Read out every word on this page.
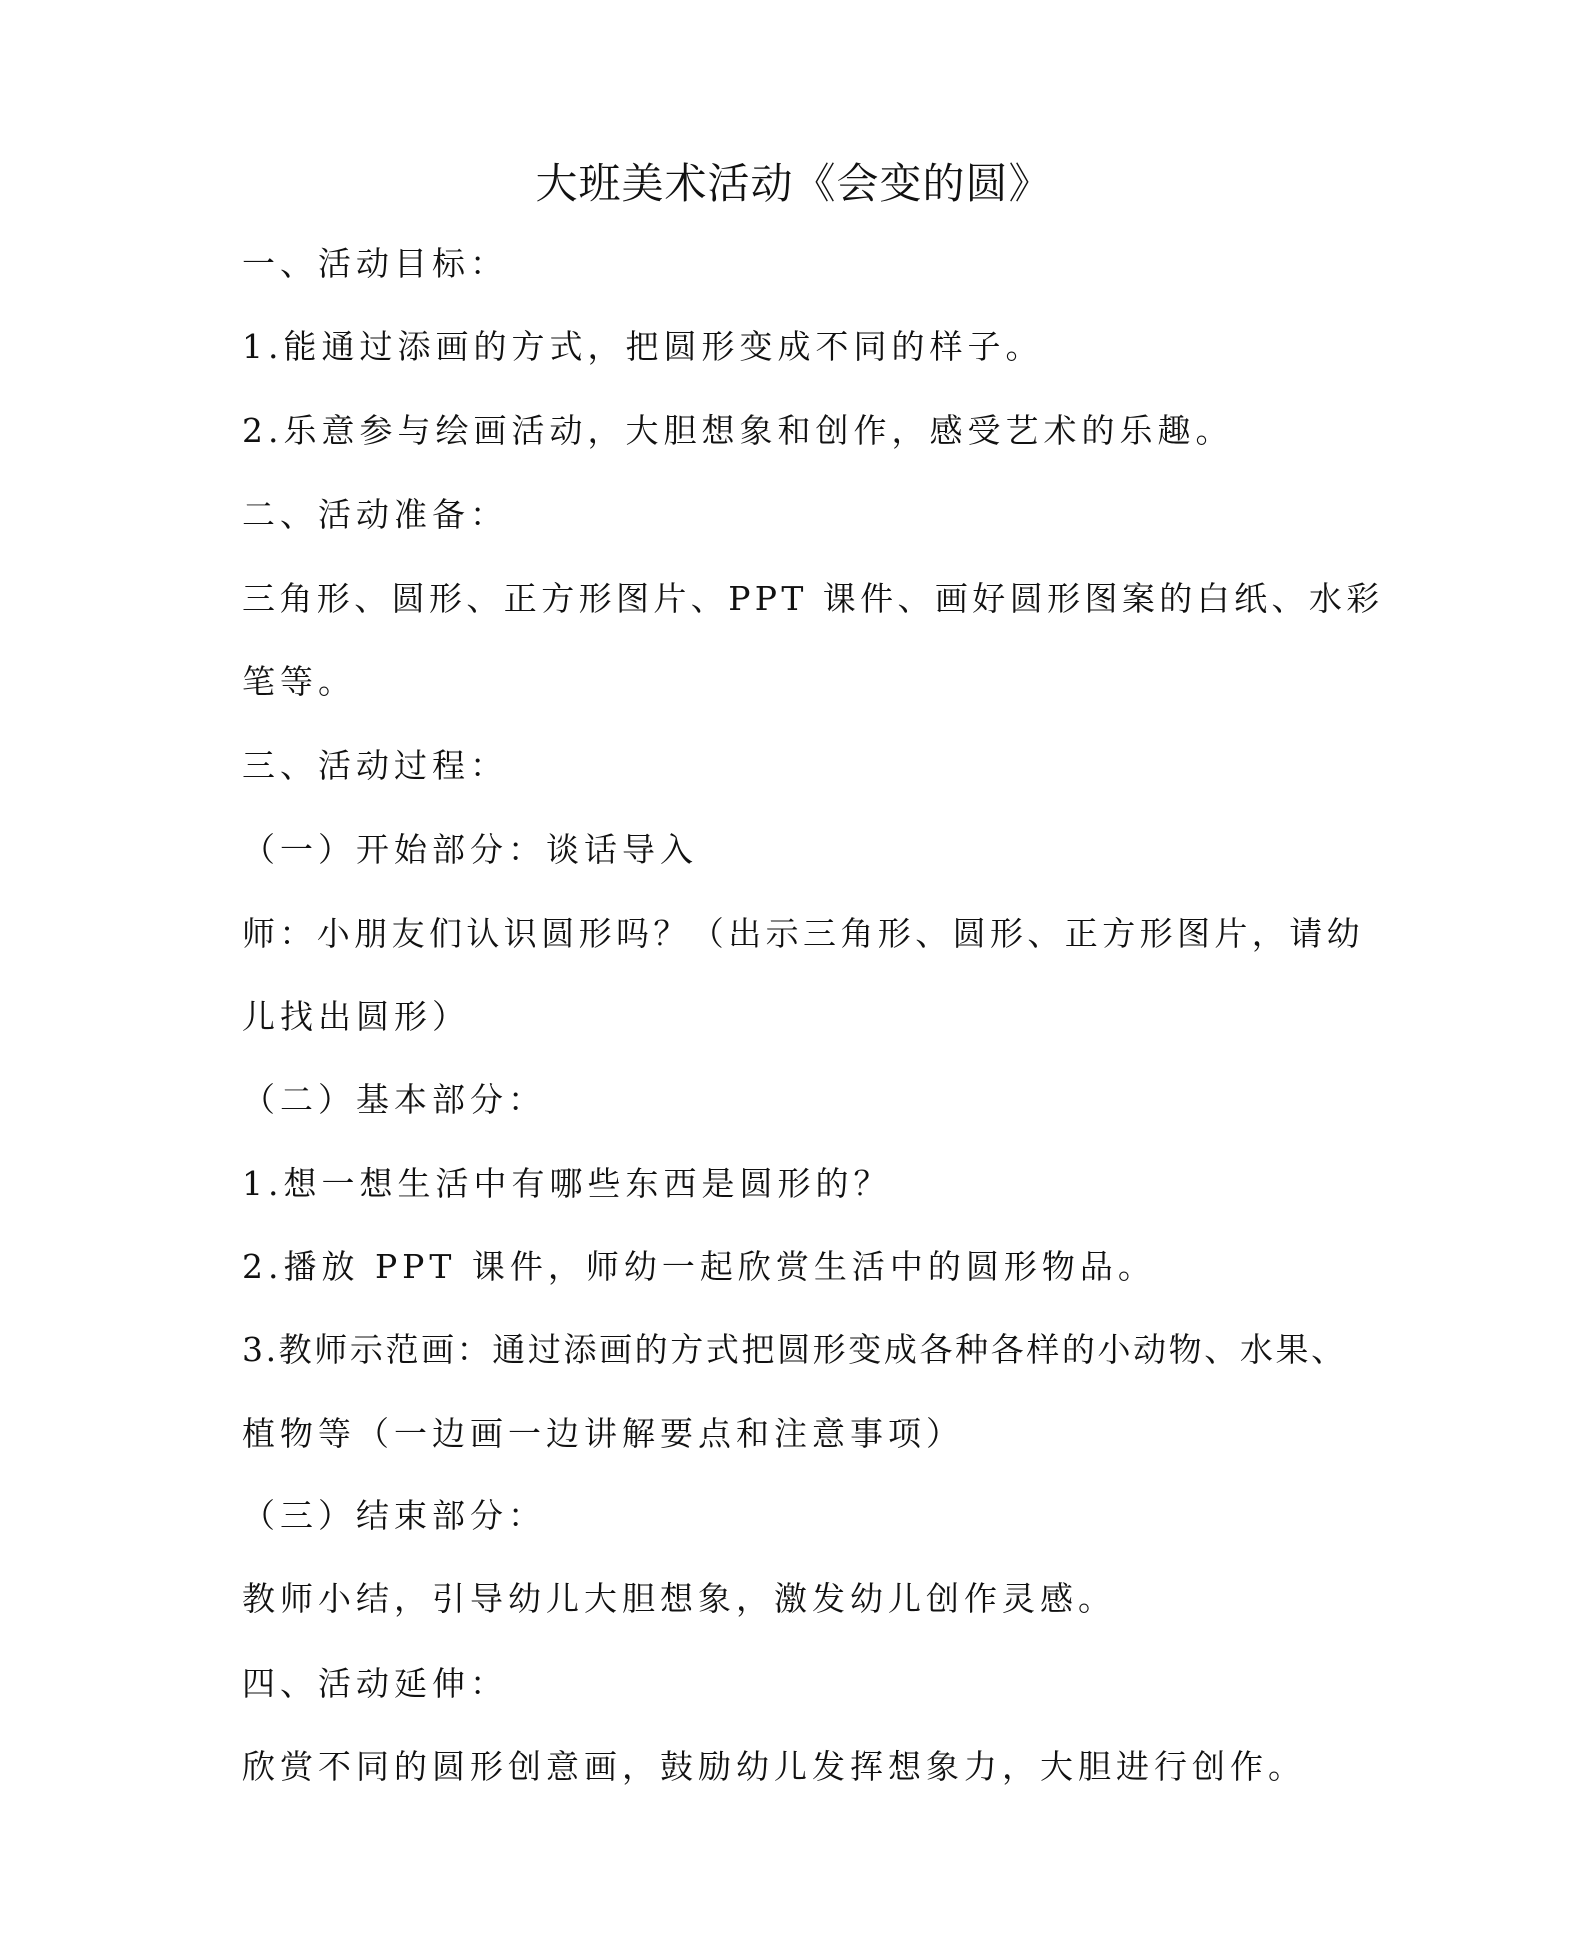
大班美术活动《会变的圆》
一、活动目标：
1.能通过添画的方式，把圆形变成不同的样子。
2.乐意参与绘画活动，大胆想象和创作，感受艺术的乐趣。
二、活动准备：
三角形、圆形、正方形图片、PPT 课件、画好圆形图案的白纸、水彩
笔等。
三、活动过程：
（一）开始部分：谈话导入
师：小朋友们认识圆形吗？（出示三角形、圆形、正方形图片，请幼
儿找出圆形）
（二）基本部分：
1.想一想生活中有哪些东西是圆形的？
2.播放 PPT 课件，师幼一起欣赏生活中的圆形物品。
3.教师示范画：通过添画的方式把圆形变成各种各样的小动物、水果、
植物等（一边画一边讲解要点和注意事项）
（三）结束部分：
教师小结，引导幼儿大胆想象，激发幼儿创作灵感。
四、活动延伸：
欣赏不同的圆形创意画，鼓励幼儿发挥想象力，大胆进行创作。
